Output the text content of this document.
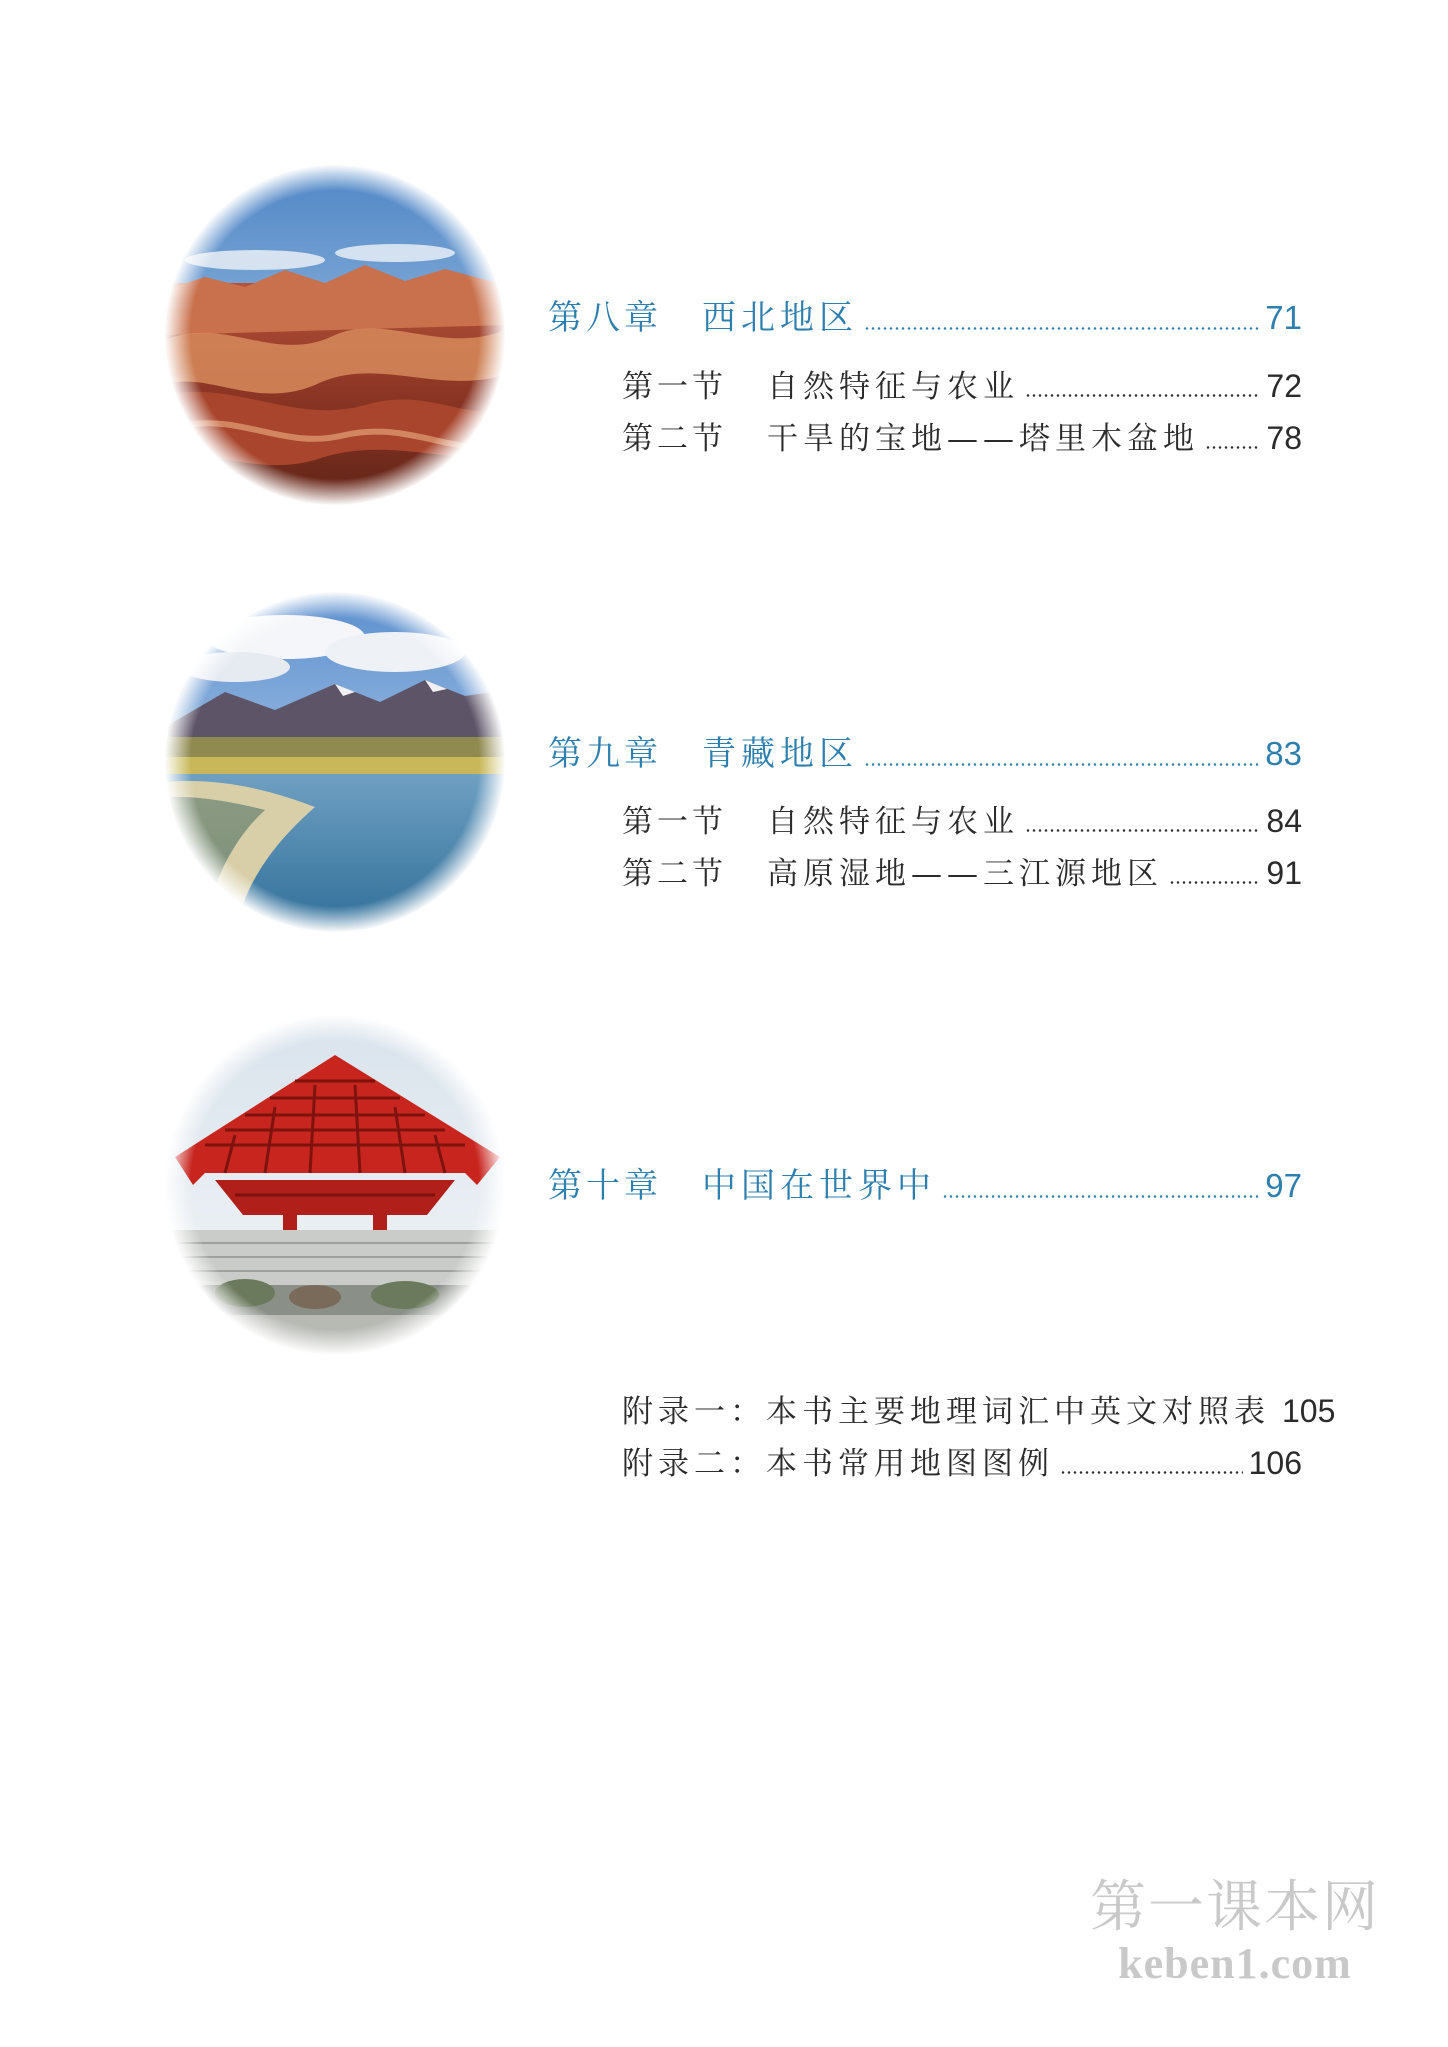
第八章 西北地区	71
第一节 自然特征与农业	72
第二节 干旱的宝地——塔里木盆地 78
第九章 青藏地区	83
第一节 自然特征与农业	84
第二节 高原湿地——三江源地区	91
第十章 中国在世界中	97
附录一：本书主要地理词汇中英文对照表 105
附录二：本书常用地图图例	106
第一课本网
keben1.com
